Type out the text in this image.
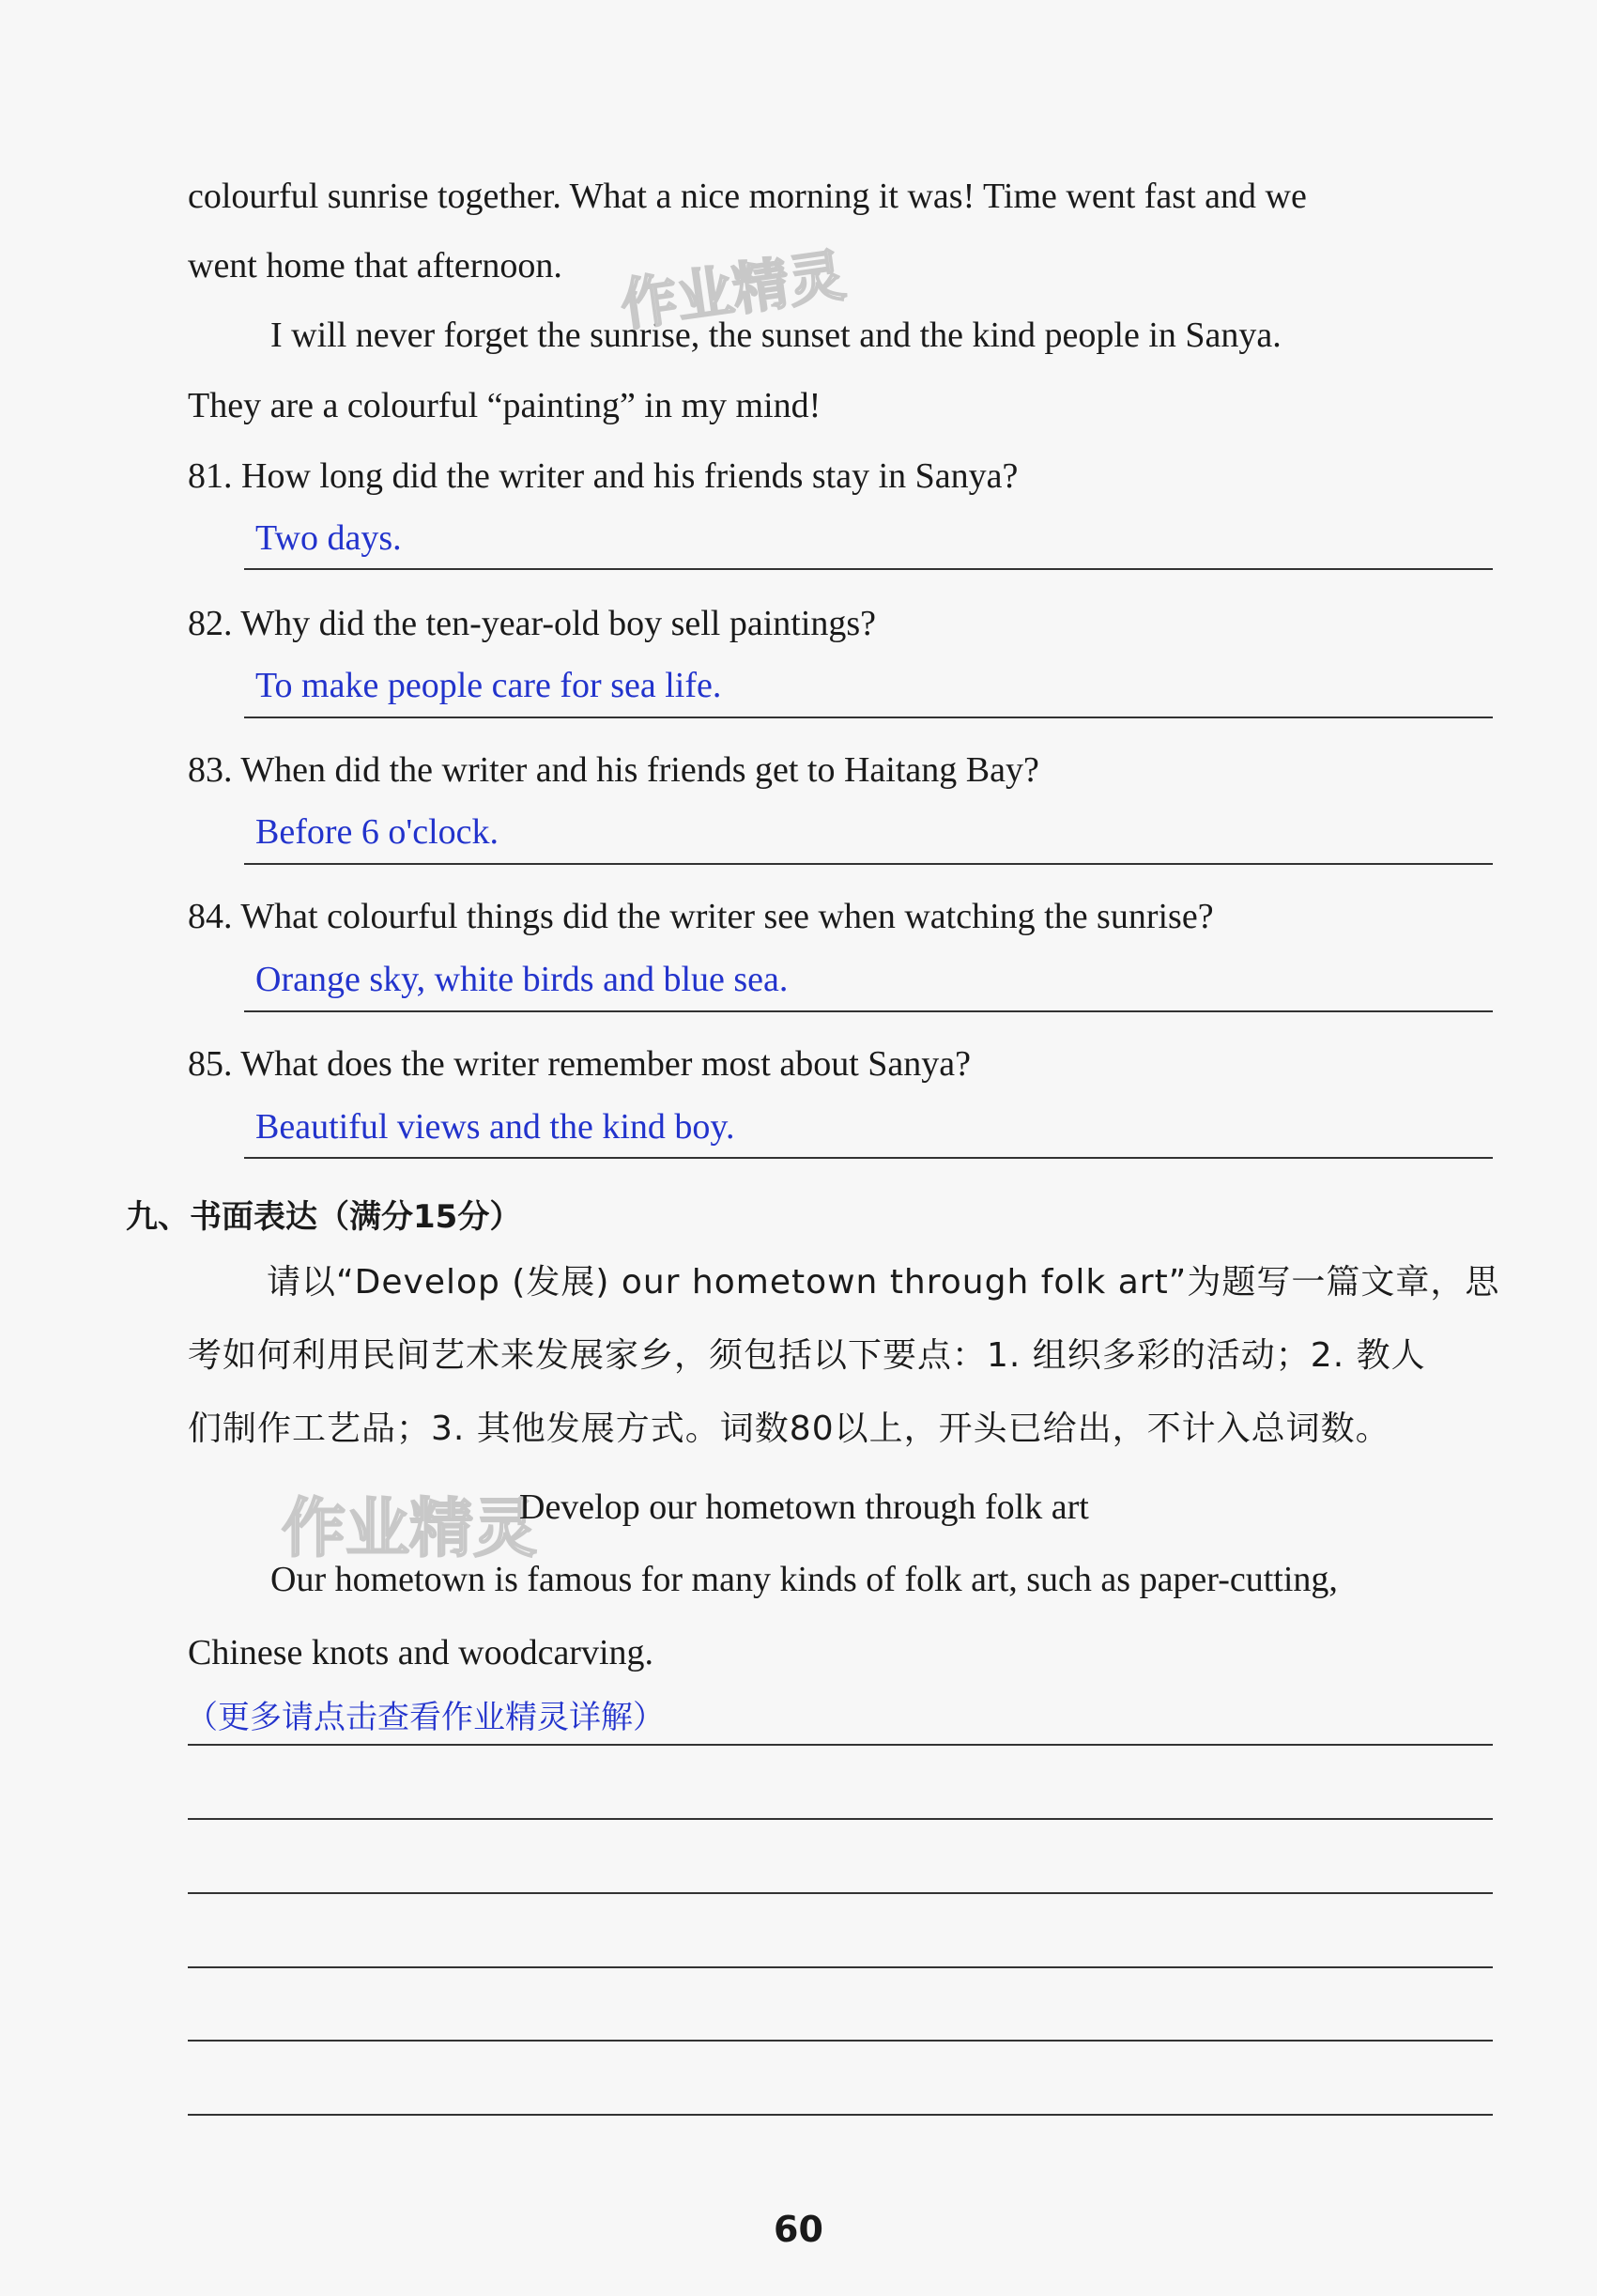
colourful sunrise together. What a nice morning it was! Time went fast and we
went home that afternoon.
I will never forget the sunrise, the sunset and the kind people in Sanya.
They are a colourful “painting” in my mind!
作业精灵
81. How long did the writer and his friends stay in Sanya?
Two days.
82. Why did the ten-year-old boy sell paintings?
To make people care for sea life.
83. When did the writer and his friends get to Haitang Bay?
Before 6 o'clock.
84. What colourful things did the writer see when watching the sunrise?
Orange sky, white birds and blue sea.
85. What does the writer remember most about Sanya?
Beautiful views and the kind boy.
九、书面表达（满分15分）
请以“Develop (发展) our hometown through folk art”为题写一篇文章，思
考如何利用民间艺术来发展家乡，须包括以下要点：1. 组织多彩的活动；2. 教人
们制作工艺品；3. 其他发展方式。词数80以上，开头已给出，不计入总词数。
作业精灵
Develop our hometown through folk art
Our hometown is famous for many kinds of folk art, such as paper-cutting,
Chinese knots and woodcarving.
（更多请点击查看作业精灵详解）
60
